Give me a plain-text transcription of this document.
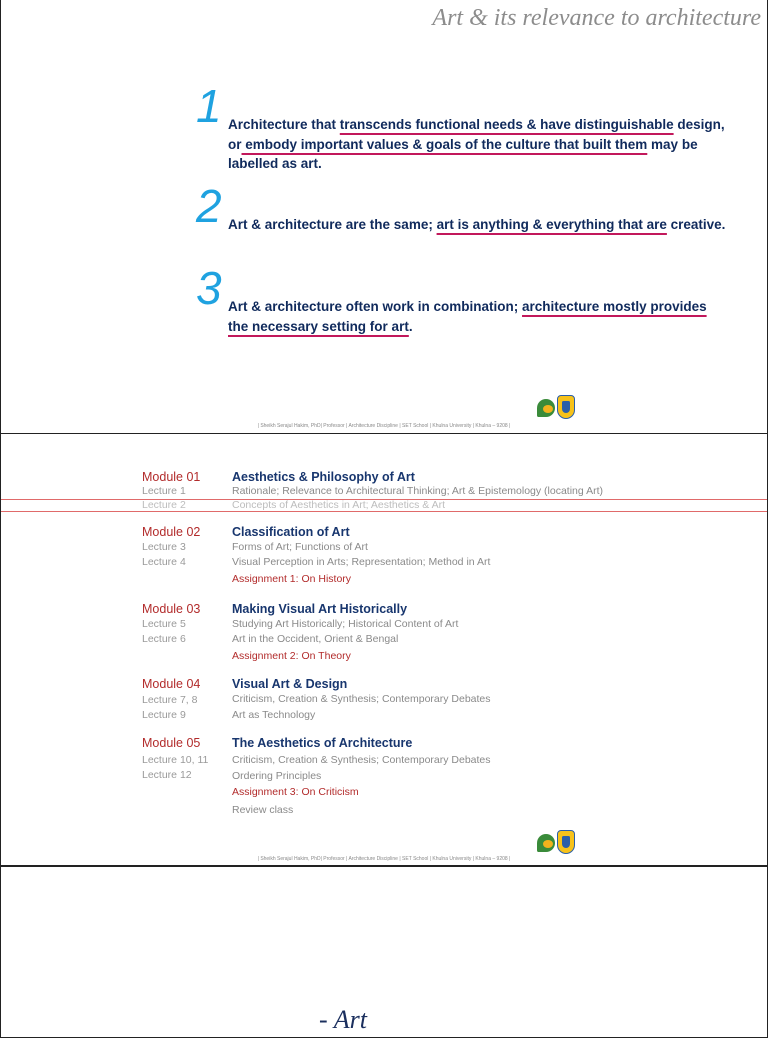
Art & its relevance to architecture
1 Architecture that transcends functional needs & have distinguishable design, or embody important values & goals of the culture that built them may be labelled as art.
2 Art & architecture are the same; art is anything & everything that are creative.
3 Art & architecture often work in combination; architecture mostly provides the necessary setting for art.
| Sheikh Serajul Hakim, PhD| Professor | Architecture Discipline | SET School | Khulna University | Khulna – 9208 |
Module 01	Aesthetics & Philosophy of Art
Lecture 1	Rationale; Relevance to Architectural Thinking; Art & Epistemology (locating Art)
Lecture 2	Concepts of Aesthetics in Art; Aesthetics & Art
Module 02	Classification of Art
Lecture 3	Forms of Art; Functions of Art
Lecture 4	Visual Perception in Arts; Representation; Method in Art
Assignment 1: On History
Module 03	Making Visual Art Historically
Lecture 5	Studying Art Historically; Historical Content of Art
Lecture 6	Art in the Occident, Orient & Bengal
Assignment 2: On Theory
Module 04	Visual Art & Design
Lecture 7, 8	Criticism, Creation & Synthesis; Contemporary Debates
Lecture 9	Art as Technology
Module 05	The Aesthetics of Architecture
Lecture 10, 11 Criticism, Creation & Synthesis; Contemporary Debates
Lecture 12	Ordering Principles
Assignment 3: On Criticism
Review class
| Sheikh Serajul Hakim, PhD| Professor | Architecture Discipline | SET School | Khulna University | Khulna – 9208 |
- Art
